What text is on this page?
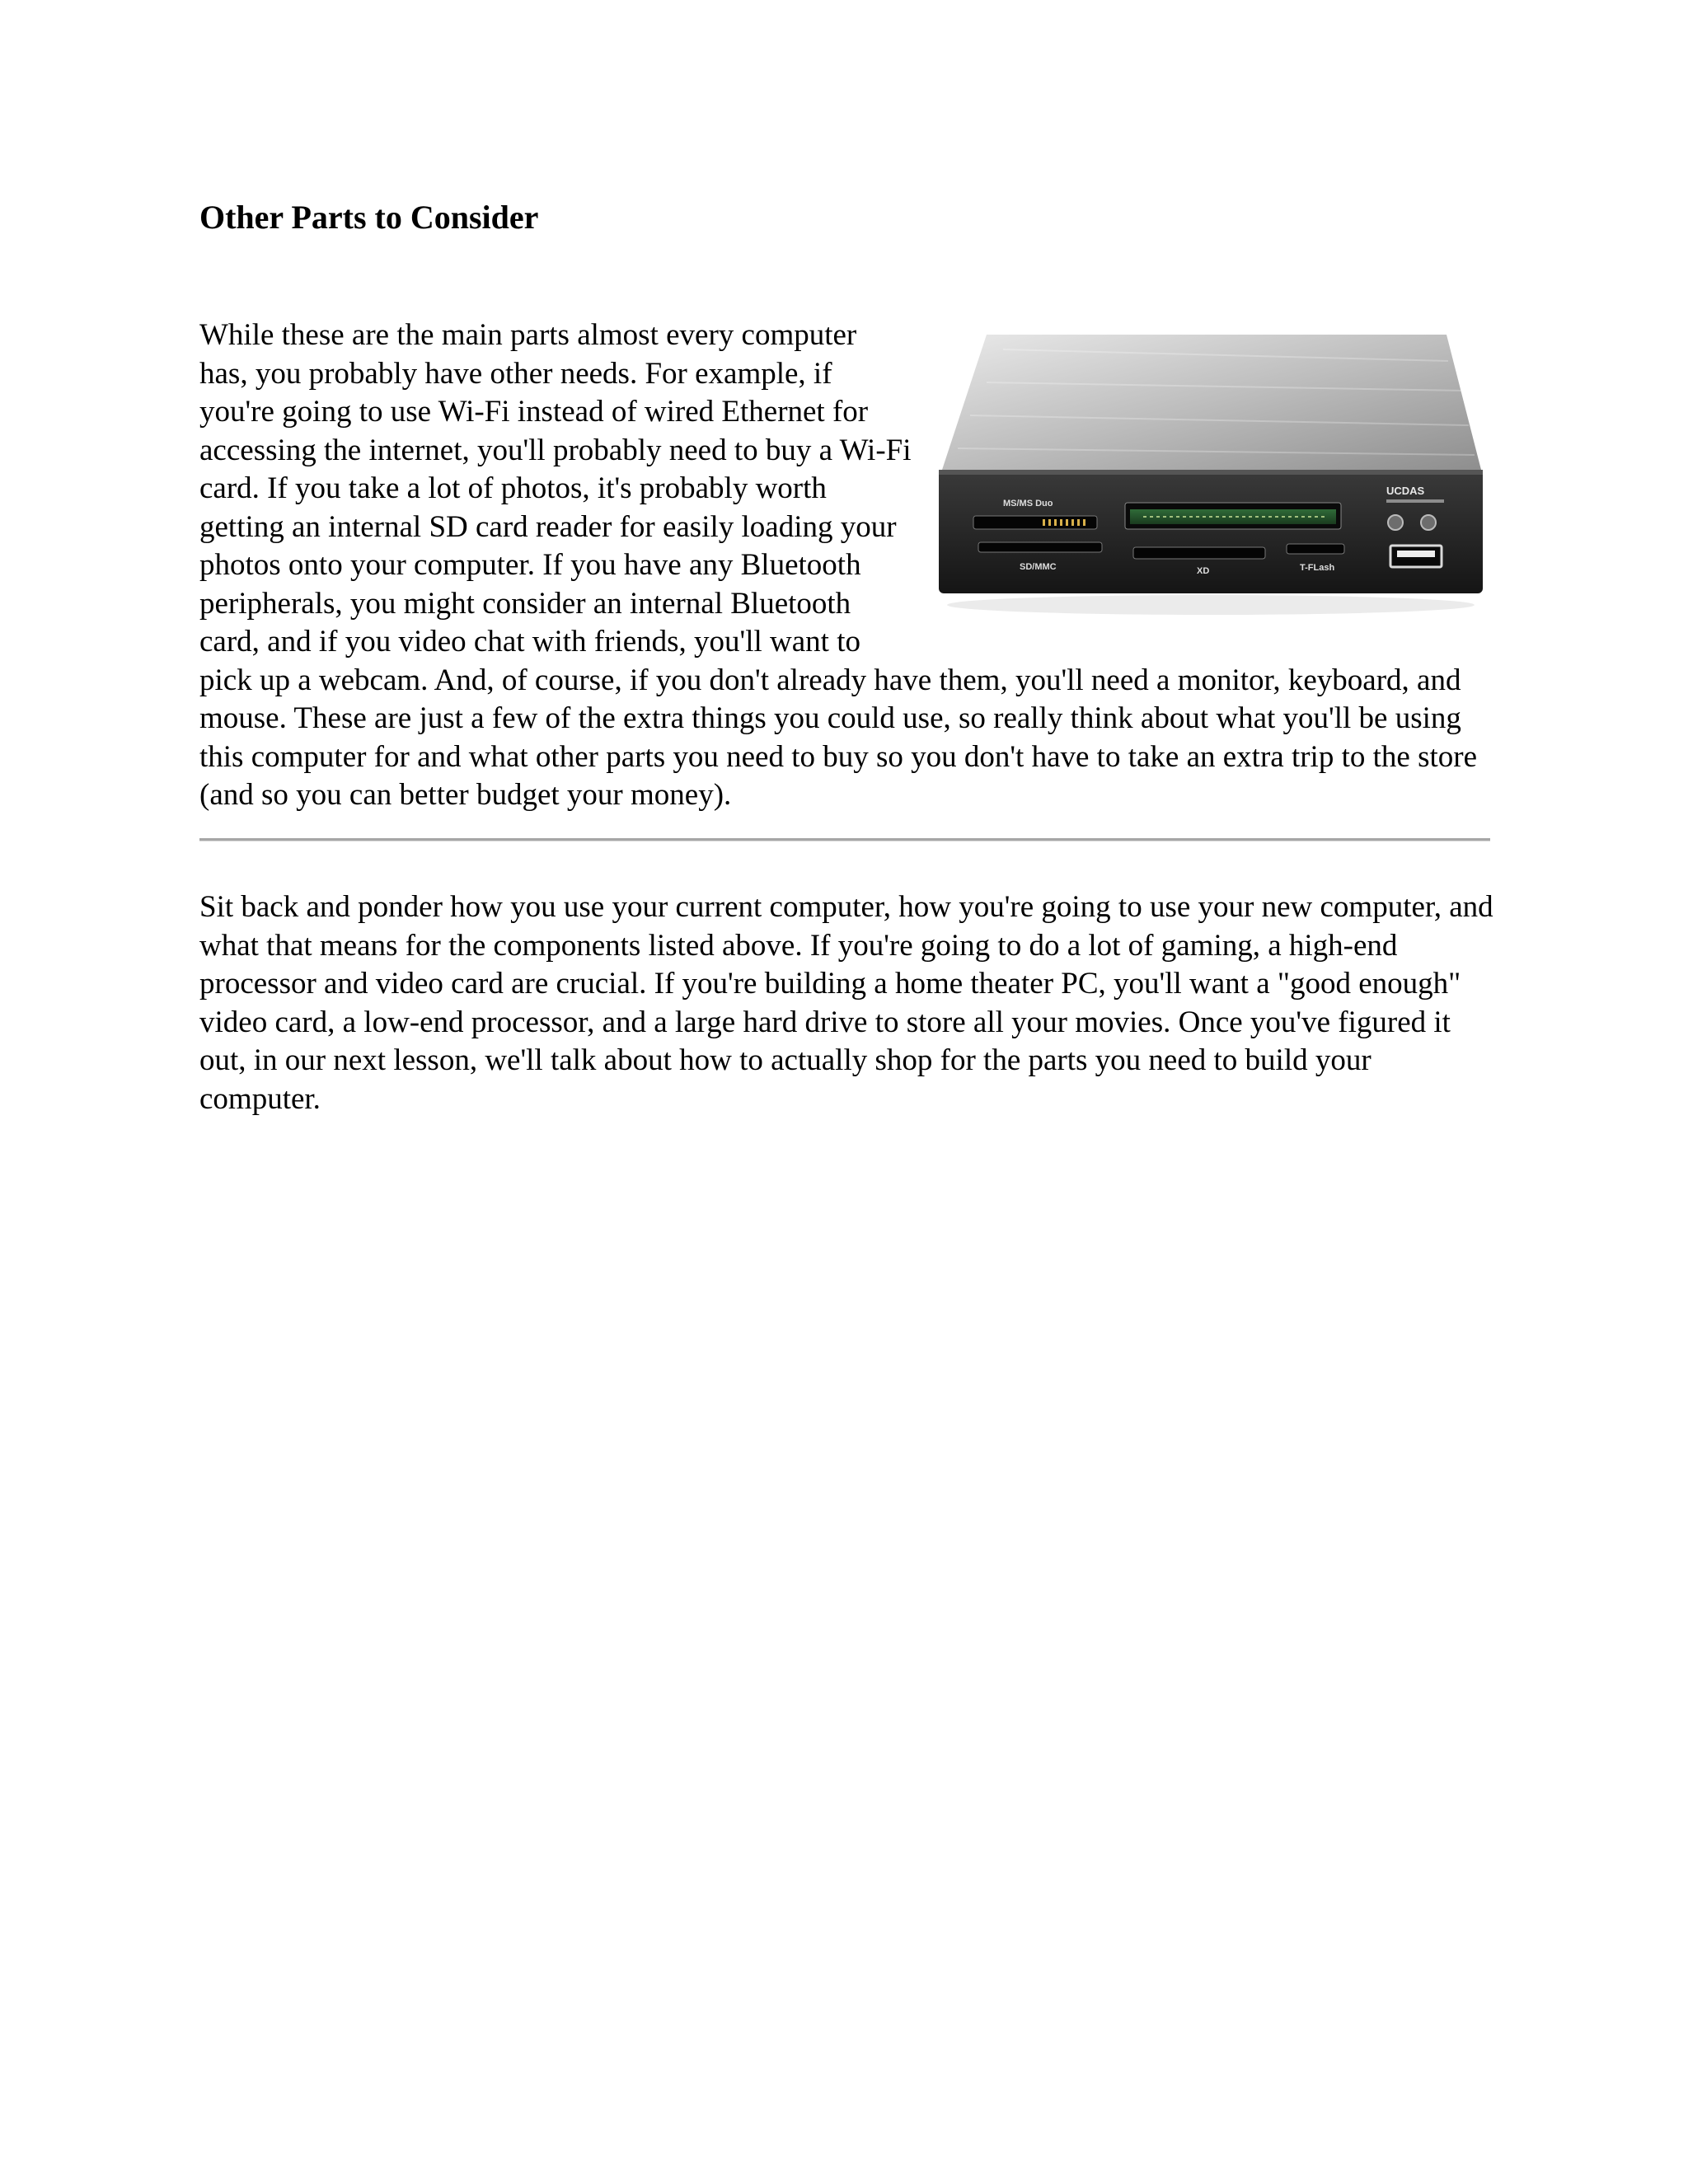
Other Parts to Consider
MS/MS Duo
SD/MMC	XD	T-FLash
UCDAS
While these are the main parts almost every computer has, you probably have other needs. For example, if you're going to use Wi-Fi instead of wired Ethernet for accessing the internet, you'll probably need to buy a Wi-Fi card. If you take a lot of photos, it's probably worth getting an internal SD card reader for easily loading your photos onto your computer. If you have any Bluetooth peripherals, you might consider an internal Bluetooth card, and if you video chat with friends, you'll want to pick up a webcam. And, of course, if you don't already have them, you'll need a monitor, keyboard, and mouse. These are just a few of the extra things you could use, so really think about what you'll be using this computer for and what other parts you need to buy so you don't have to take an extra trip to the store (and so you can better budget your money).

Sit back and ponder how you use your current computer, how you're going to use your new computer, and what that means for the components listed above. If you're going to do a lot of gaming, a high-end processor and video card are crucial. If you're building a home theater PC, you'll want a "good enough" video card, a low-end processor, and a large hard drive to store all your movies. Once you've figured it out, in our next lesson, we'll talk about how to actually shop for the parts you need to build your computer.
